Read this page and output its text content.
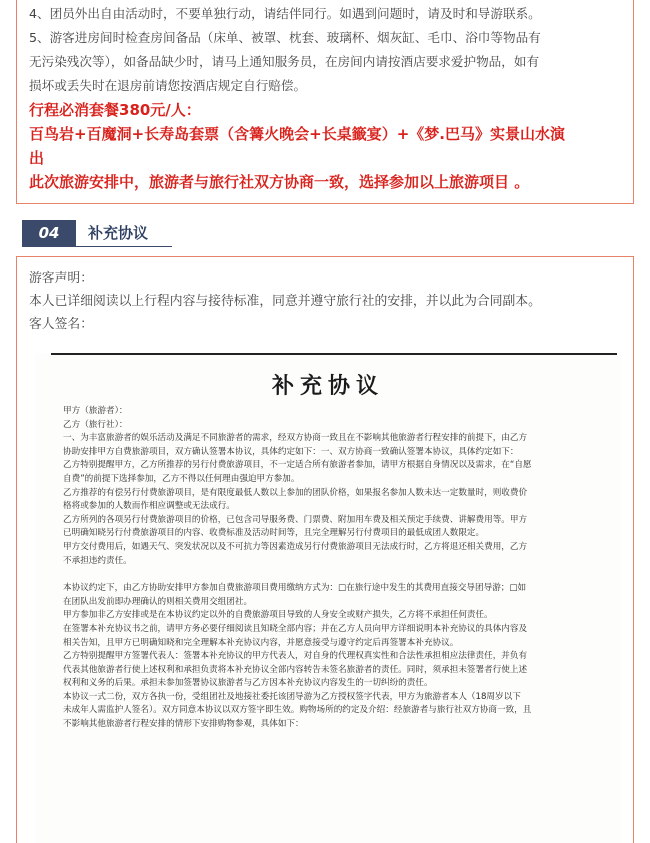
4、团员外出自由活动时，不要单独行动，请结伴同行。如遇到问题时，请及时和导游联系。
5、游客进房间时检查房间备品（床单、被罩、枕套、玻璃杯、烟灰缸、毛巾、浴巾等物品有
无污染残次等），如备品缺少时，请马上通知服务员，在房间内请按酒店要求爱护物品，如有
损坏或丢失时在退房前请您按酒店规定自行赔偿。
行程必消套餐380元/人：
百鸟岩+百魔洞+长寿岛套票（含篝火晚会+长桌籤宴）+《梦.巴马》实景山水演
出
此次旅游安排中，旅游者与旅行社双方协商一致，选择参加以上旅游项目 。
04	补充协议
游客声明：
本人已详细阅读以上行程内容与接待标准，同意并遵守旅行社的安排，并以此为合同副本。
客人签名：
补充协议
甲方（旅游者）：
乙方（旅行社）：
一、为丰富旅游者的娱乐活动及满足不同旅游者的需求，经双方协商一致且在不影响其他旅游者行程安排的前提下，由乙方
协助安排甲方自费旅游项目，双方确认签署本协议，具体约定如下：一、双方协商一致确认签署本协议，具体约定如下：
乙方特别提醒甲方，乙方所推荐的另行付费旅游项目，不一定适合所有旅游者参加，请甲方根据自身情况以及需求，在“自愿
自费”的前提下选择参加，乙方不得以任何理由强迫甲方参加。
乙方推荐的有偿另行付费旅游项目，是有限度最低人数以上参加的团队价格，如果报名参加人数未达一定数量时，则收费价
格将或参加的人数而作相应调整或无法成行。
乙方所列的各项另行付费旅游项目的价格，已包含司导服务费、门票费、附加用车费及相关预定手续费、讲解费用等。甲方
已明确知晓另行付费旅游项目的内容、收费标准及活动时间等，且完全理解另行付费项目的最低成团人数限定。
甲方交付费用后，如遇天气、突发状况以及不可抗力等因素造成另行付费旅游项目无法成行时，乙方将退还相关费用，乙方
不承担违约责任。
本协议约定下，由乙方协助安排甲方参加自费旅游项目费用缴纳方式为：□在旅行途中发生的其费用直接交导团导游；□如
在团队出发前即办理确认的则相关费用交组团社。
甲方参加非乙方安排或是在本协议约定以外的自费旅游项目导致的人身安全或财产损失，乙方将不承担任何责任。
在签署本补充协议书之前，请甲方务必要仔细阅读且知晓全部内容；并在乙方人员向甲方详细说明本补充协议的具体内容及
相关告知，且甲方已明确知晓和完全理解本补充协议内容，并愿意接受与遵守约定后再签署本补充协议。
乙方特别提醒甲方签署代表人：签署本补充协议的甲方代表人，对自身的代理权真实性和合法性承担相应法律责任，并负有
代表其他旅游者行使上述权利和承担负责将本补充协议全部内容转告未签名旅游者的责任。同时，须承担未签署者行使上述
权利和义务的后果。承担未参加签署协议旅游者与乙方因本补充协议内容发生的一切纠纷的责任。
本协议一式二份，双方各执一份，受组团社及地接社委托该团导游为乙方授权签字代表，甲方为旅游者本人（18周岁以下
未成年人需监护人签名）。双方同意本协议以双方签字即生效。购物场所的约定及介绍：经旅游者与旅行社双方协商一致，且
不影响其他旅游者行程安排的情形下安排购物参观，具体如下：
